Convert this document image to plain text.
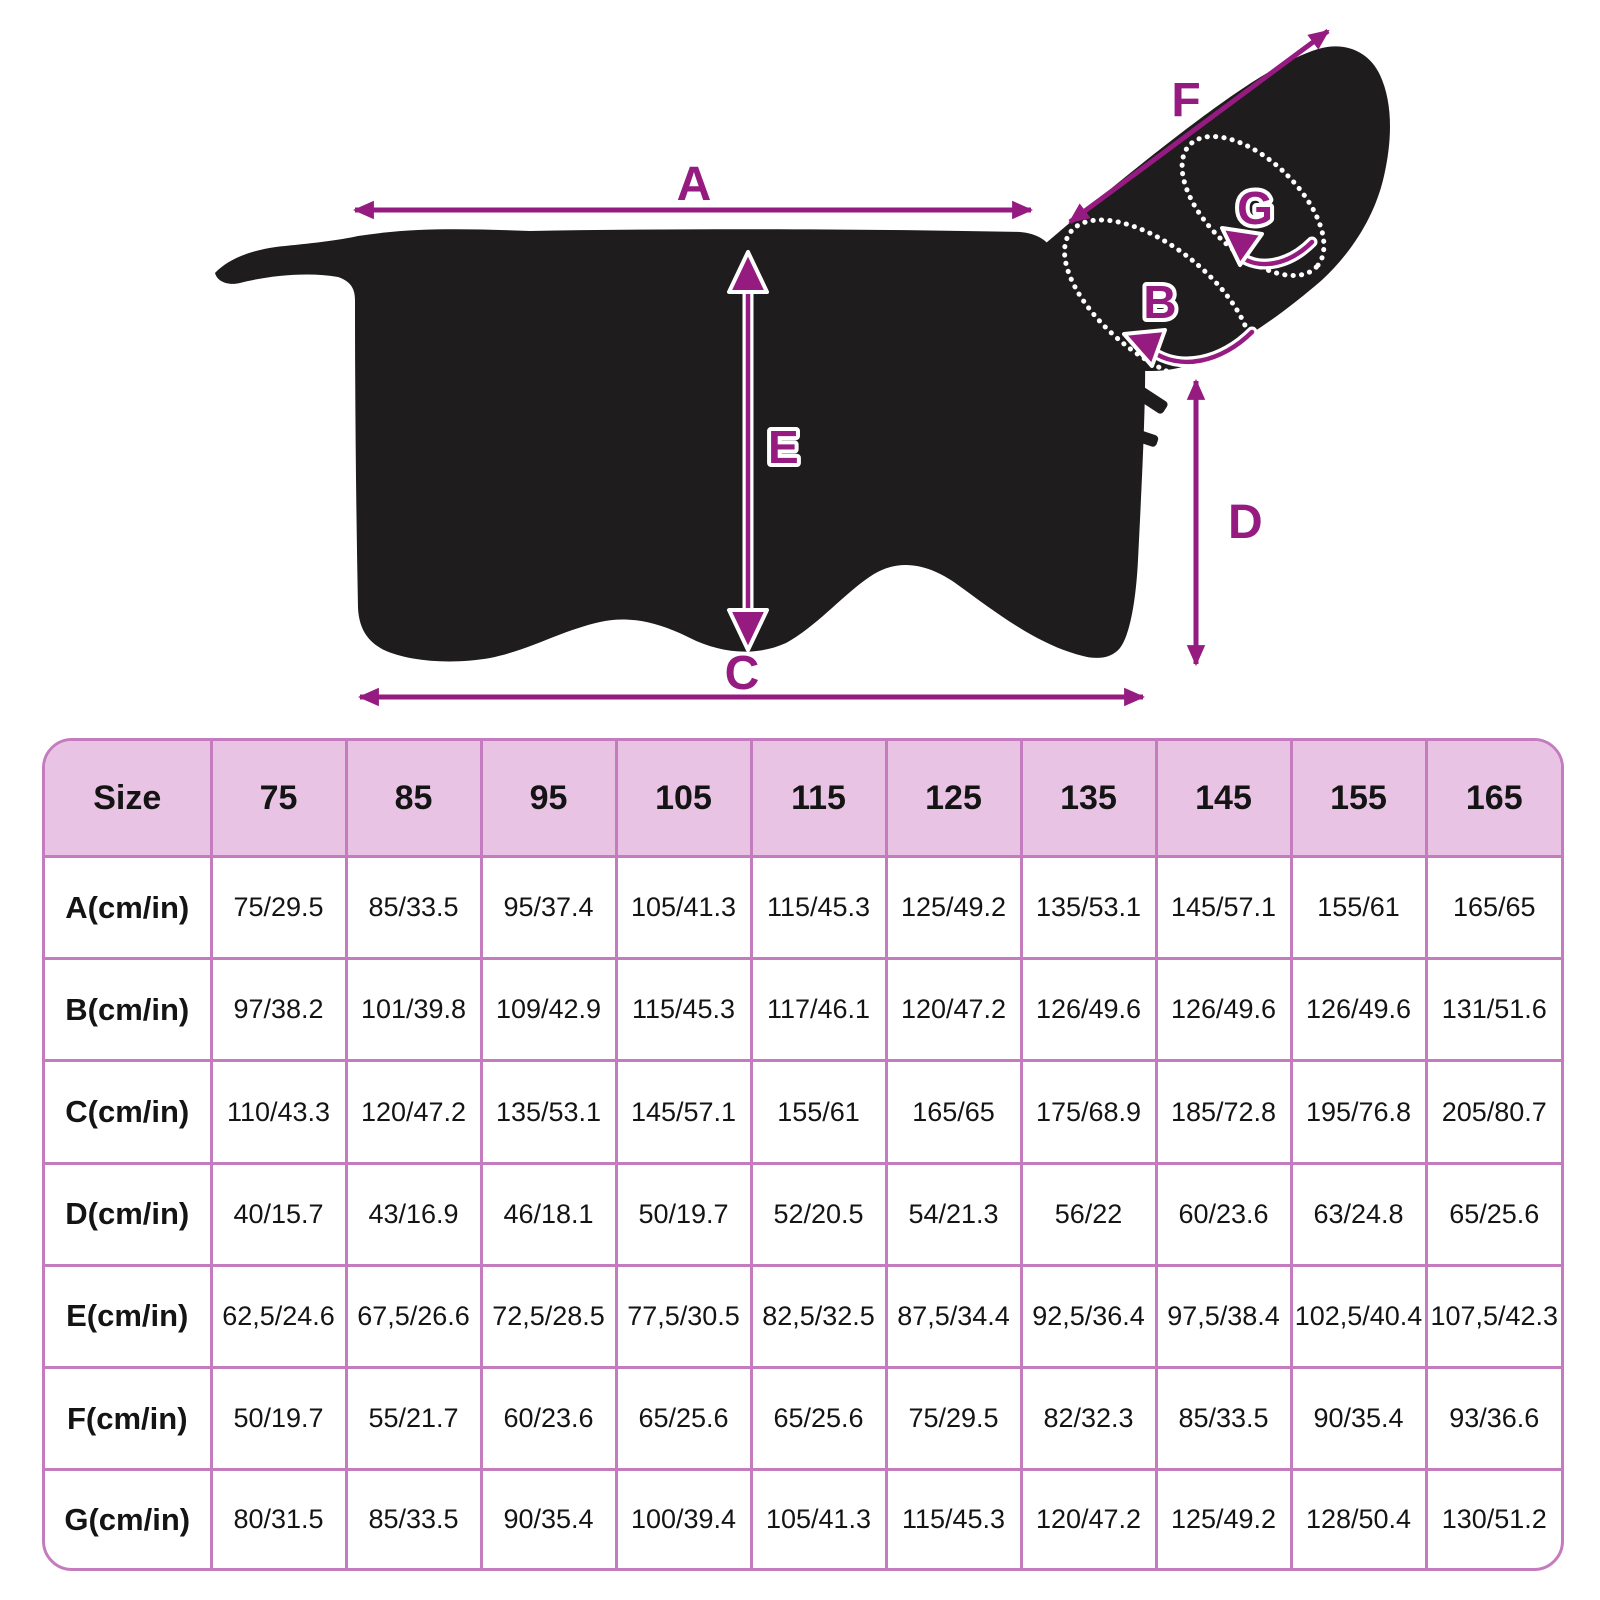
A
F
C
D
E
B
G
Size	75	85	95	105	115	125	135	145	155	165
A(cm/in)	75/29.5	85/33.5	95/37.4	105/41.3	115/45.3	125/49.2	135/53.1	145/57.1	155/61	165/65
B(cm/in)	97/38.2	101/39.8	109/42.9	115/45.3	117/46.1	120/47.2	126/49.6	126/49.6	126/49.6	131/51.6
C(cm/in)	110/43.3	120/47.2	135/53.1	145/57.1	155/61	165/65	175/68.9	185/72.8	195/76.8	205/80.7
D(cm/in)	40/15.7	43/16.9	46/18.1	50/19.7	52/20.5	54/21.3	56/22	60/23.6	63/24.8	65/25.6
E(cm/in)	62,5/24.6	67,5/26.6	72,5/28.5	77,5/30.5	82,5/32.5	87,5/34.4	92,5/36.4	97,5/38.4	102,5/40.4	107,5/42.3
F(cm/in)	50/19.7	55/21.7	60/23.6	65/25.6	65/25.6	75/29.5	82/32.3	85/33.5	90/35.4	93/36.6
G(cm/in)	80/31.5	85/33.5	90/35.4	100/39.4	105/41.3	115/45.3	120/47.2	125/49.2	128/50.4	130/51.2
